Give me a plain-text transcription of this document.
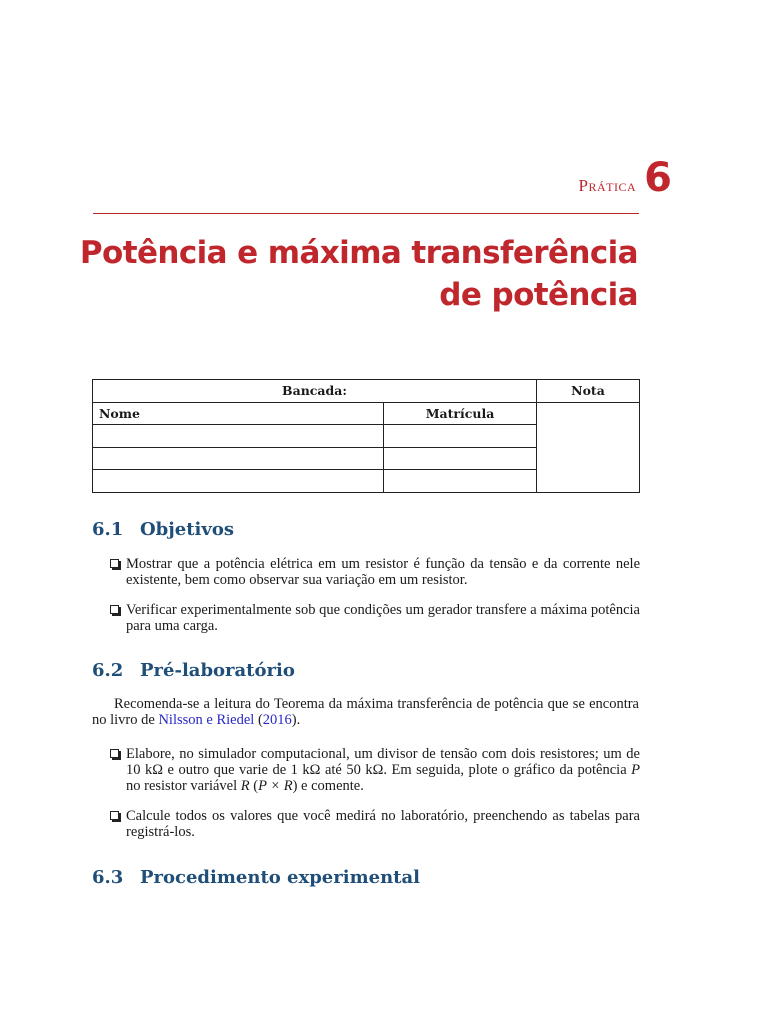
Prática 6
Potência e máxima transferência de potência
Bancada:		Nota
Nome	Matrícula	

6.1 Objetivos
Mostrar que a potência elétrica em um resistor é função da tensão e da corrente nele existente, bem como observar sua variação em um resistor.
Verificar experimentalmente sob que condições um gerador transfere a máxima potência para uma carga.
6.2 Pré-laboratório

Recomenda-se a leitura do Teorema da máxima transferência de potência que se encontra no livro de Nilsson e Riedel (2016).

Elabore, no simulador computacional, um divisor de tensão com dois resistores; um de 10 kΩ e outro que varie de 1 kΩ até 50 kΩ. Em seguida, plote o gráfico da potência P no resistor variável R (P × R) e comente.
Calcule todos os valores que você medirá no laboratório, preenchendo as tabelas para registrá-los.
6.3 Procedimento experimental
